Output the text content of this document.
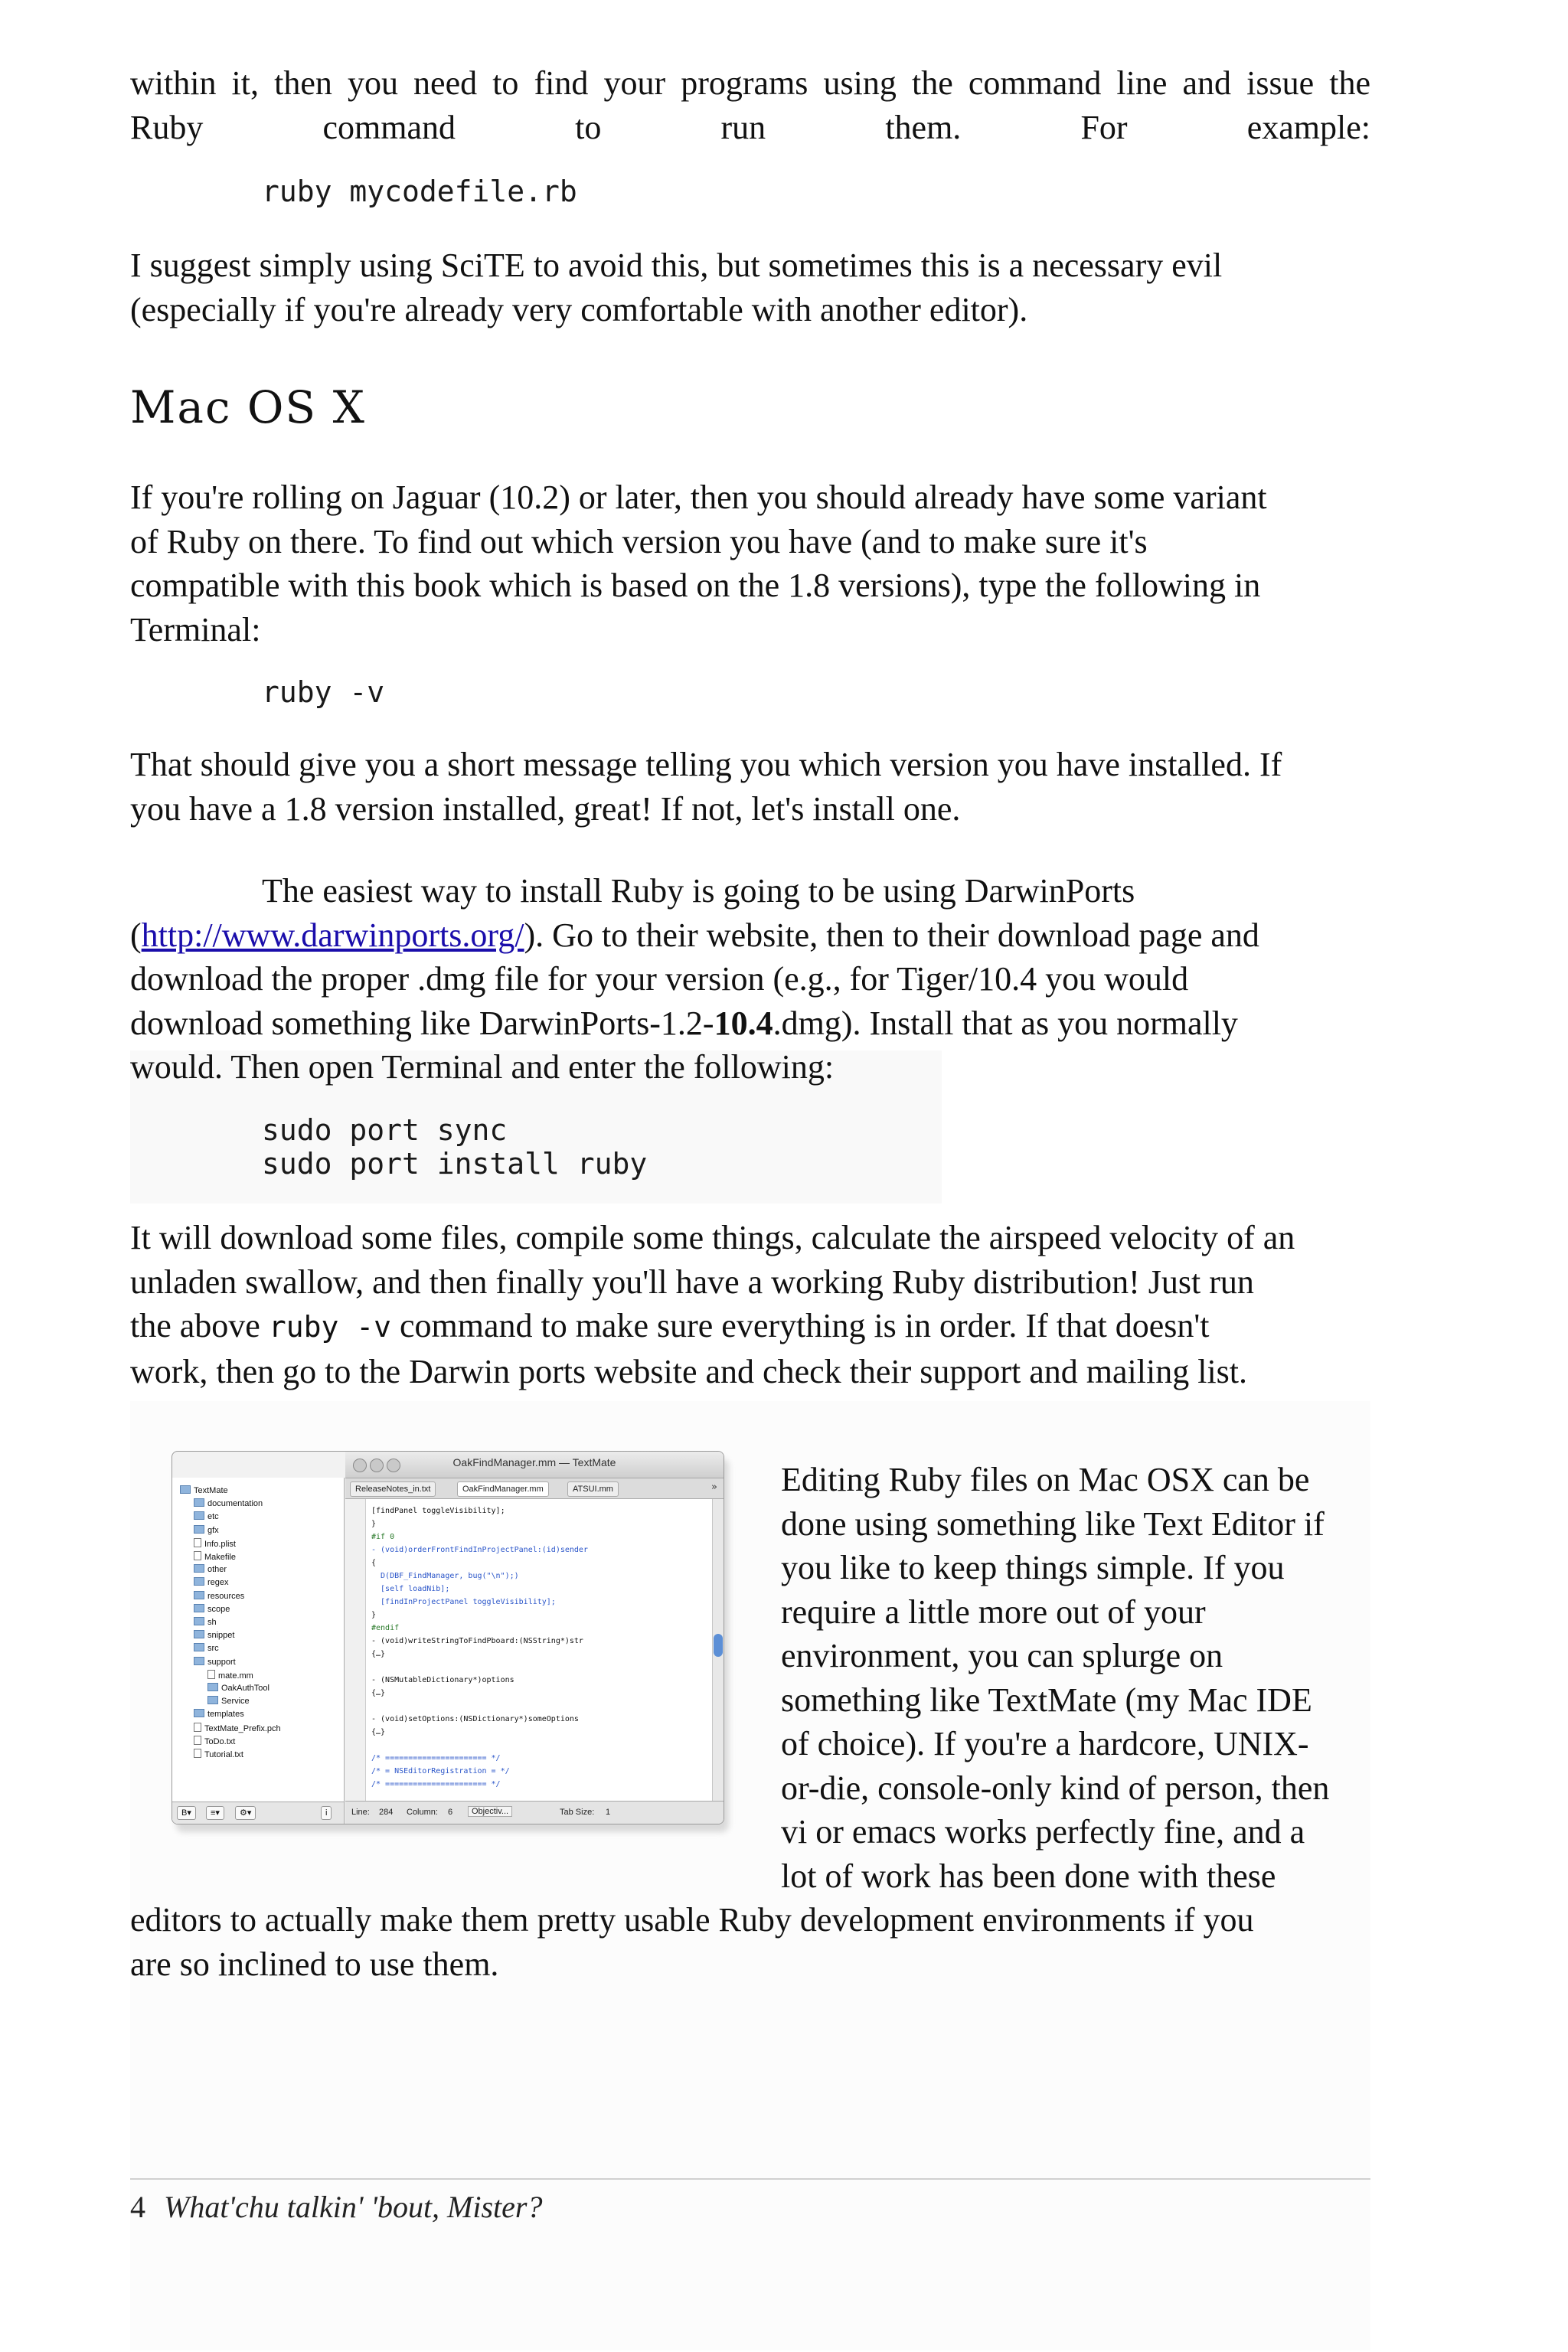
within it, then you need to find your programs using the command line and issue the
Ruby command to run them. For example:

ruby mycodefile.rb

I suggest simply using SciTE to avoid this, but sometimes this is a necessary evil
(especially if you're already very comfortable with another editor).

Mac OS X

If you're rolling on Jaguar (10.2) or later, then you should already have some variant
of Ruby on there. To find out which version you have (and to make sure it's
compatible with this book which is based on the 1.8 versions), type the following in
Terminal:

ruby -v

That should give you a short message telling you which version you have installed. If
you have a 1.8 version installed, great! If not, let's install one.

The easiest way to install Ruby is going to be using DarwinPorts
(http://www.darwinports.org/). Go to their website, then to their download page and
download the proper .dmg file for your version (e.g., for Tiger/10.4 you would
download something like DarwinPorts-1.2-10.4.dmg). Install that as you normally
would. Then open Terminal and enter the following:

sudo port sync
sudo port install ruby

It will download some files, compile some things, calculate the airspeed velocity of an
unladen swallow, and then finally you'll have a working Ruby distribution! Just run
the above ruby -v command to make sure everything is in order. If that doesn't
work, then go to the Darwin ports website and check their support and mailing list.

TextMate
documentation
etc
gfx
Info.plist
Makefile
other
regex
resources
scope
sh
snippet
src
support
mate.mm
OakAuthTool
Service
templates
TextMate_Prefix.pch
ToDo.txt
Tutorial.txt
B▾	≡▾	⚙▾	i
OakFindManager.mm — TextMate
ReleaseNotes_in.txt	OakFindManager.mm	ATSUI.mm	»
[findPanel toggleVisibility];
}
#if 0
- (void)orderFrontFindInProjectPanel:(id)sender
{
D(DBF_FindManager, bug("\n");)
[self loadNib];
[findInProjectPanel toggleVisibility];
}
#endif
- (void)writeStringToFindPboard:(NSString*)str
{…}
- (NSMutableDictionary*)options
{…}
- (void)setOptions:(NSDictionary*)someOptions
{…}
/* ====================== */
/* = NSEditorRegistration = */
/* ====================== */
Line: 284 Column: 6	Objectiv...	Tab Size: 1

Editing Ruby files on Mac OSX can be
done using something like Text Editor if
you like to keep things simple. If you
require a little more out of your
environment, you can splurge on
something like TextMate (my Mac IDE
of choice). If you're a hardcore, UNIX-
or-die, console-only kind of person, then
vi or emacs works perfectly fine, and a
lot of work has been done with these

editors to actually make them pretty usable Ruby development environments if you
are so inclined to use them.

4 What'chu talkin' 'bout, Mister?
